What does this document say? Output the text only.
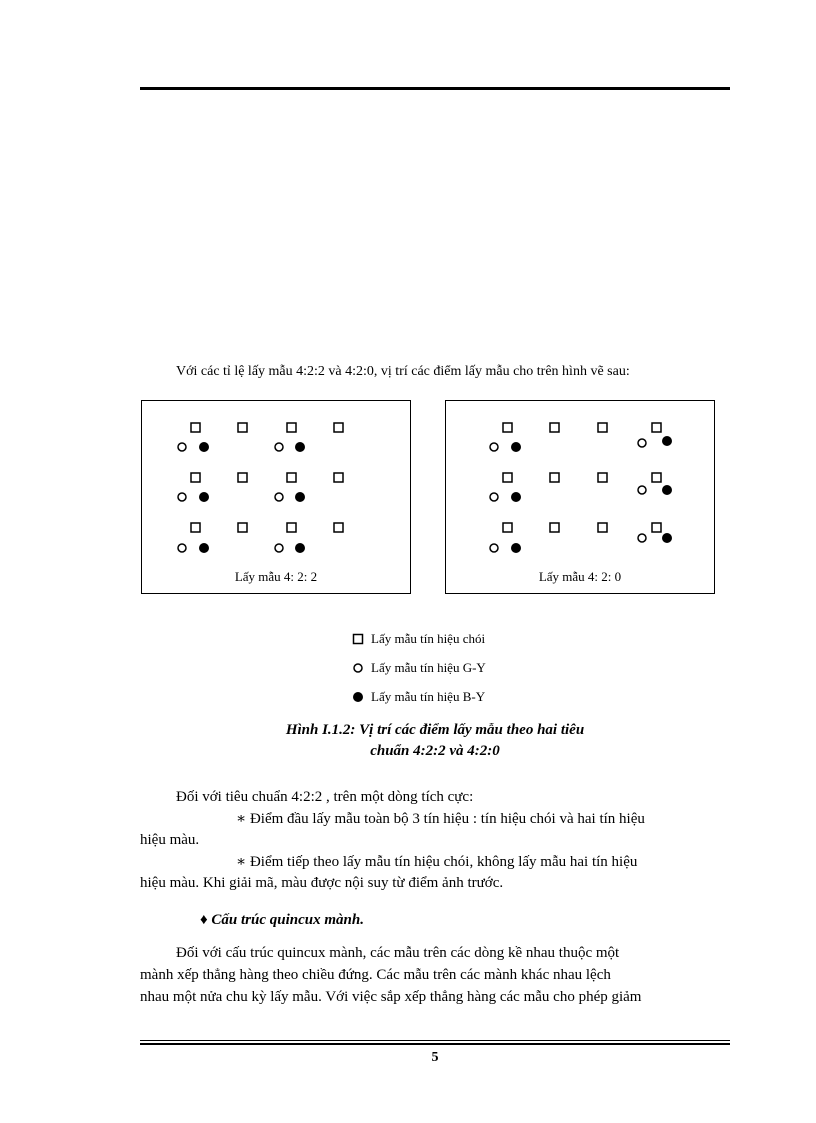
Với các tỉ lệ lấy mẫu 4:2:2 và 4:2:0, vị trí các điểm lấy mẫu cho trên hình vẽ sau:
Lấy mẫu 4: 2: 2	Lấy mẫu 4: 2: 0
Lấy mẫu tín hiệu chói
Lấy mẫu tín hiệu G-Y
Lấy mẫu tín hiệu B-Y
Hình I.1.2: Vị trí các điểm lấy mẫu theo hai tiêu
chuẩn 4:2:2 và 4:2:0
Đối với tiêu chuẩn 4:2:2 , trên một dòng tích cực:
∗ Điểm đầu lấy mẫu toàn bộ 3 tín hiệu : tín hiệu chói và hai tín hiệu
hiệu màu.
∗ Điểm tiếp theo lấy mẫu tín hiệu chói, không lấy mẫu hai tín hiệu
hiệu màu. Khi giải mã, màu được nội suy từ điểm ảnh trước.
♦ Cấu trúc quincux mành.
Đối với cấu trúc quincux mành, các mẫu trên các dòng kề nhau thuộc một
mành xếp thẳng hàng theo chiều đứng. Các mẫu trên các mành khác nhau lệch
nhau một nửa chu kỳ lấy mẫu. Với việc sắp xếp thẳng hàng các mẫu cho phép giảm
5
